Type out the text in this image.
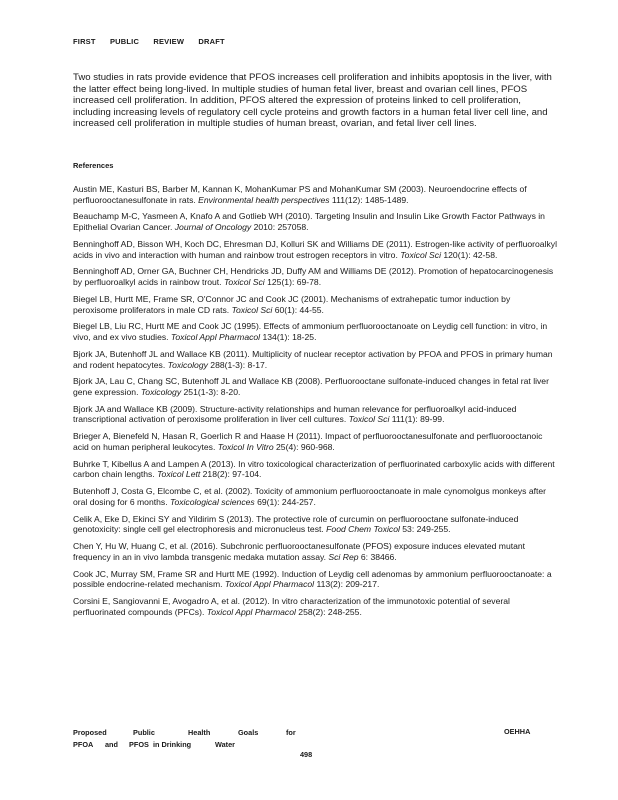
FIRST PUBLIC REVIEW DRAFT
Two studies in rats provide evidence that PFOS increases cell proliferation and inhibits apoptosis in the liver, with the latter effect being long-lived. In multiple studies of human fetal liver, breast and ovarian cell lines, PFOS increased cell proliferation. In addition, PFOS altered the expression of proteins linked to cell proliferation, including increasing levels of regulatory cell cycle proteins and growth factors in a human fetal liver cell line, and increased cell proliferation in multiple studies of human breast, ovarian, and fetal liver cell lines.
References

Austin ME, Kasturi BS, Barber M, Kannan K, MohanKumar PS and MohanKumar SM (2003). Neuroendocrine effects of perfluorooctanesulfonate in rats. Environmental health perspectives 111(12): 1485-1489.

Beauchamp M-C, Yasmeen A, Knafo A and Gotlieb WH (2010). Targeting Insulin and Insulin Like Growth Factor Pathways in Epithelial Ovarian Cancer. Journal of Oncology 2010: 257058.

Benninghoff AD, Bisson WH, Koch DC, Ehresman DJ, Kolluri SK and Williams DE (2011). Estrogen-like activity of perfluoroalkyl acids in vivo and interaction with human and rainbow trout estrogen receptors in vitro. Toxicol Sci 120(1): 42-58.

Benninghoff AD, Orner GA, Buchner CH, Hendricks JD, Duffy AM and Williams DE (2012). Promotion of hepatocarcinogenesis by perfluoroalkyl acids in rainbow trout. Toxicol Sci 125(1): 69-78.

Biegel LB, Hurtt ME, Frame SR, O'Connor JC and Cook JC (2001). Mechanisms of extrahepatic tumor induction by peroxisome proliferators in male CD rats. Toxicol Sci 60(1): 44-55.

Biegel LB, Liu RC, Hurtt ME and Cook JC (1995). Effects of ammonium perfluorooctanoate on Leydig cell function: in vitro, in vivo, and ex vivo studies. Toxicol Appl Pharmacol 134(1): 18-25.

Bjork JA, Butenhoff JL and Wallace KB (2011). Multiplicity of nuclear receptor activation by PFOA and PFOS in primary human and rodent hepatocytes. Toxicology 288(1-3): 8-17.

Bjork JA, Lau C, Chang SC, Butenhoff JL and Wallace KB (2008). Perfluorooctane sulfonate-induced changes in fetal rat liver gene expression. Toxicology 251(1-3): 8-20.

Bjork JA and Wallace KB (2009). Structure-activity relationships and human relevance for perfluoroalkyl acid-induced transcriptional activation of peroxisome proliferation in liver cell cultures. Toxicol Sci 111(1): 89-99.

Brieger A, Bienefeld N, Hasan R, Goerlich R and Haase H (2011). Impact of perfluorooctanesulfonate and perfluorooctanoic acid on human peripheral leukocytes. Toxicol In Vitro 25(4): 960-968.

Buhrke T, Kibellus A and Lampen A (2013). In vitro toxicological characterization of perfluorinated carboxylic acids with different carbon chain lengths. Toxicol Lett 218(2): 97-104.

Butenhoff J, Costa G, Elcombe C, et al. (2002). Toxicity of ammonium perfluorooctanoate in male cynomolgus monkeys after oral dosing for 6 months. Toxicological sciences 69(1): 244-257.

Celik A, Eke D, Ekinci SY and Yildirim S (2013). The protective role of curcumin on perfluorooctane sulfonate-induced genotoxicity: single cell gel electrophoresis and micronucleus test. Food Chem Toxicol 53: 249-255.

Chen Y, Hu W, Huang C, et al. (2016). Subchronic perfluorooctanesulfonate (PFOS) exposure induces elevated mutant frequency in an in vivo lambda transgenic medaka mutation assay. Sci Rep 6: 38466.

Cook JC, Murray SM, Frame SR and Hurtt ME (1992). Induction of Leydig cell adenomas by ammonium perfluorooctanoate: a possible endocrine-related mechanism. Toxicol Appl Pharmacol 113(2): 209-217.

Corsini E, Sangiovanni E, Avogadro A, et al. (2012). In vitro characterization of the immunotoxic potential of several perfluorinated compounds (PFCs). Toxicol Appl Pharmacol 258(2): 248-255.

Proposed	Public	Health	Goals	for
PFOA and PFOS in Drinking	Water
OEHHA
498
